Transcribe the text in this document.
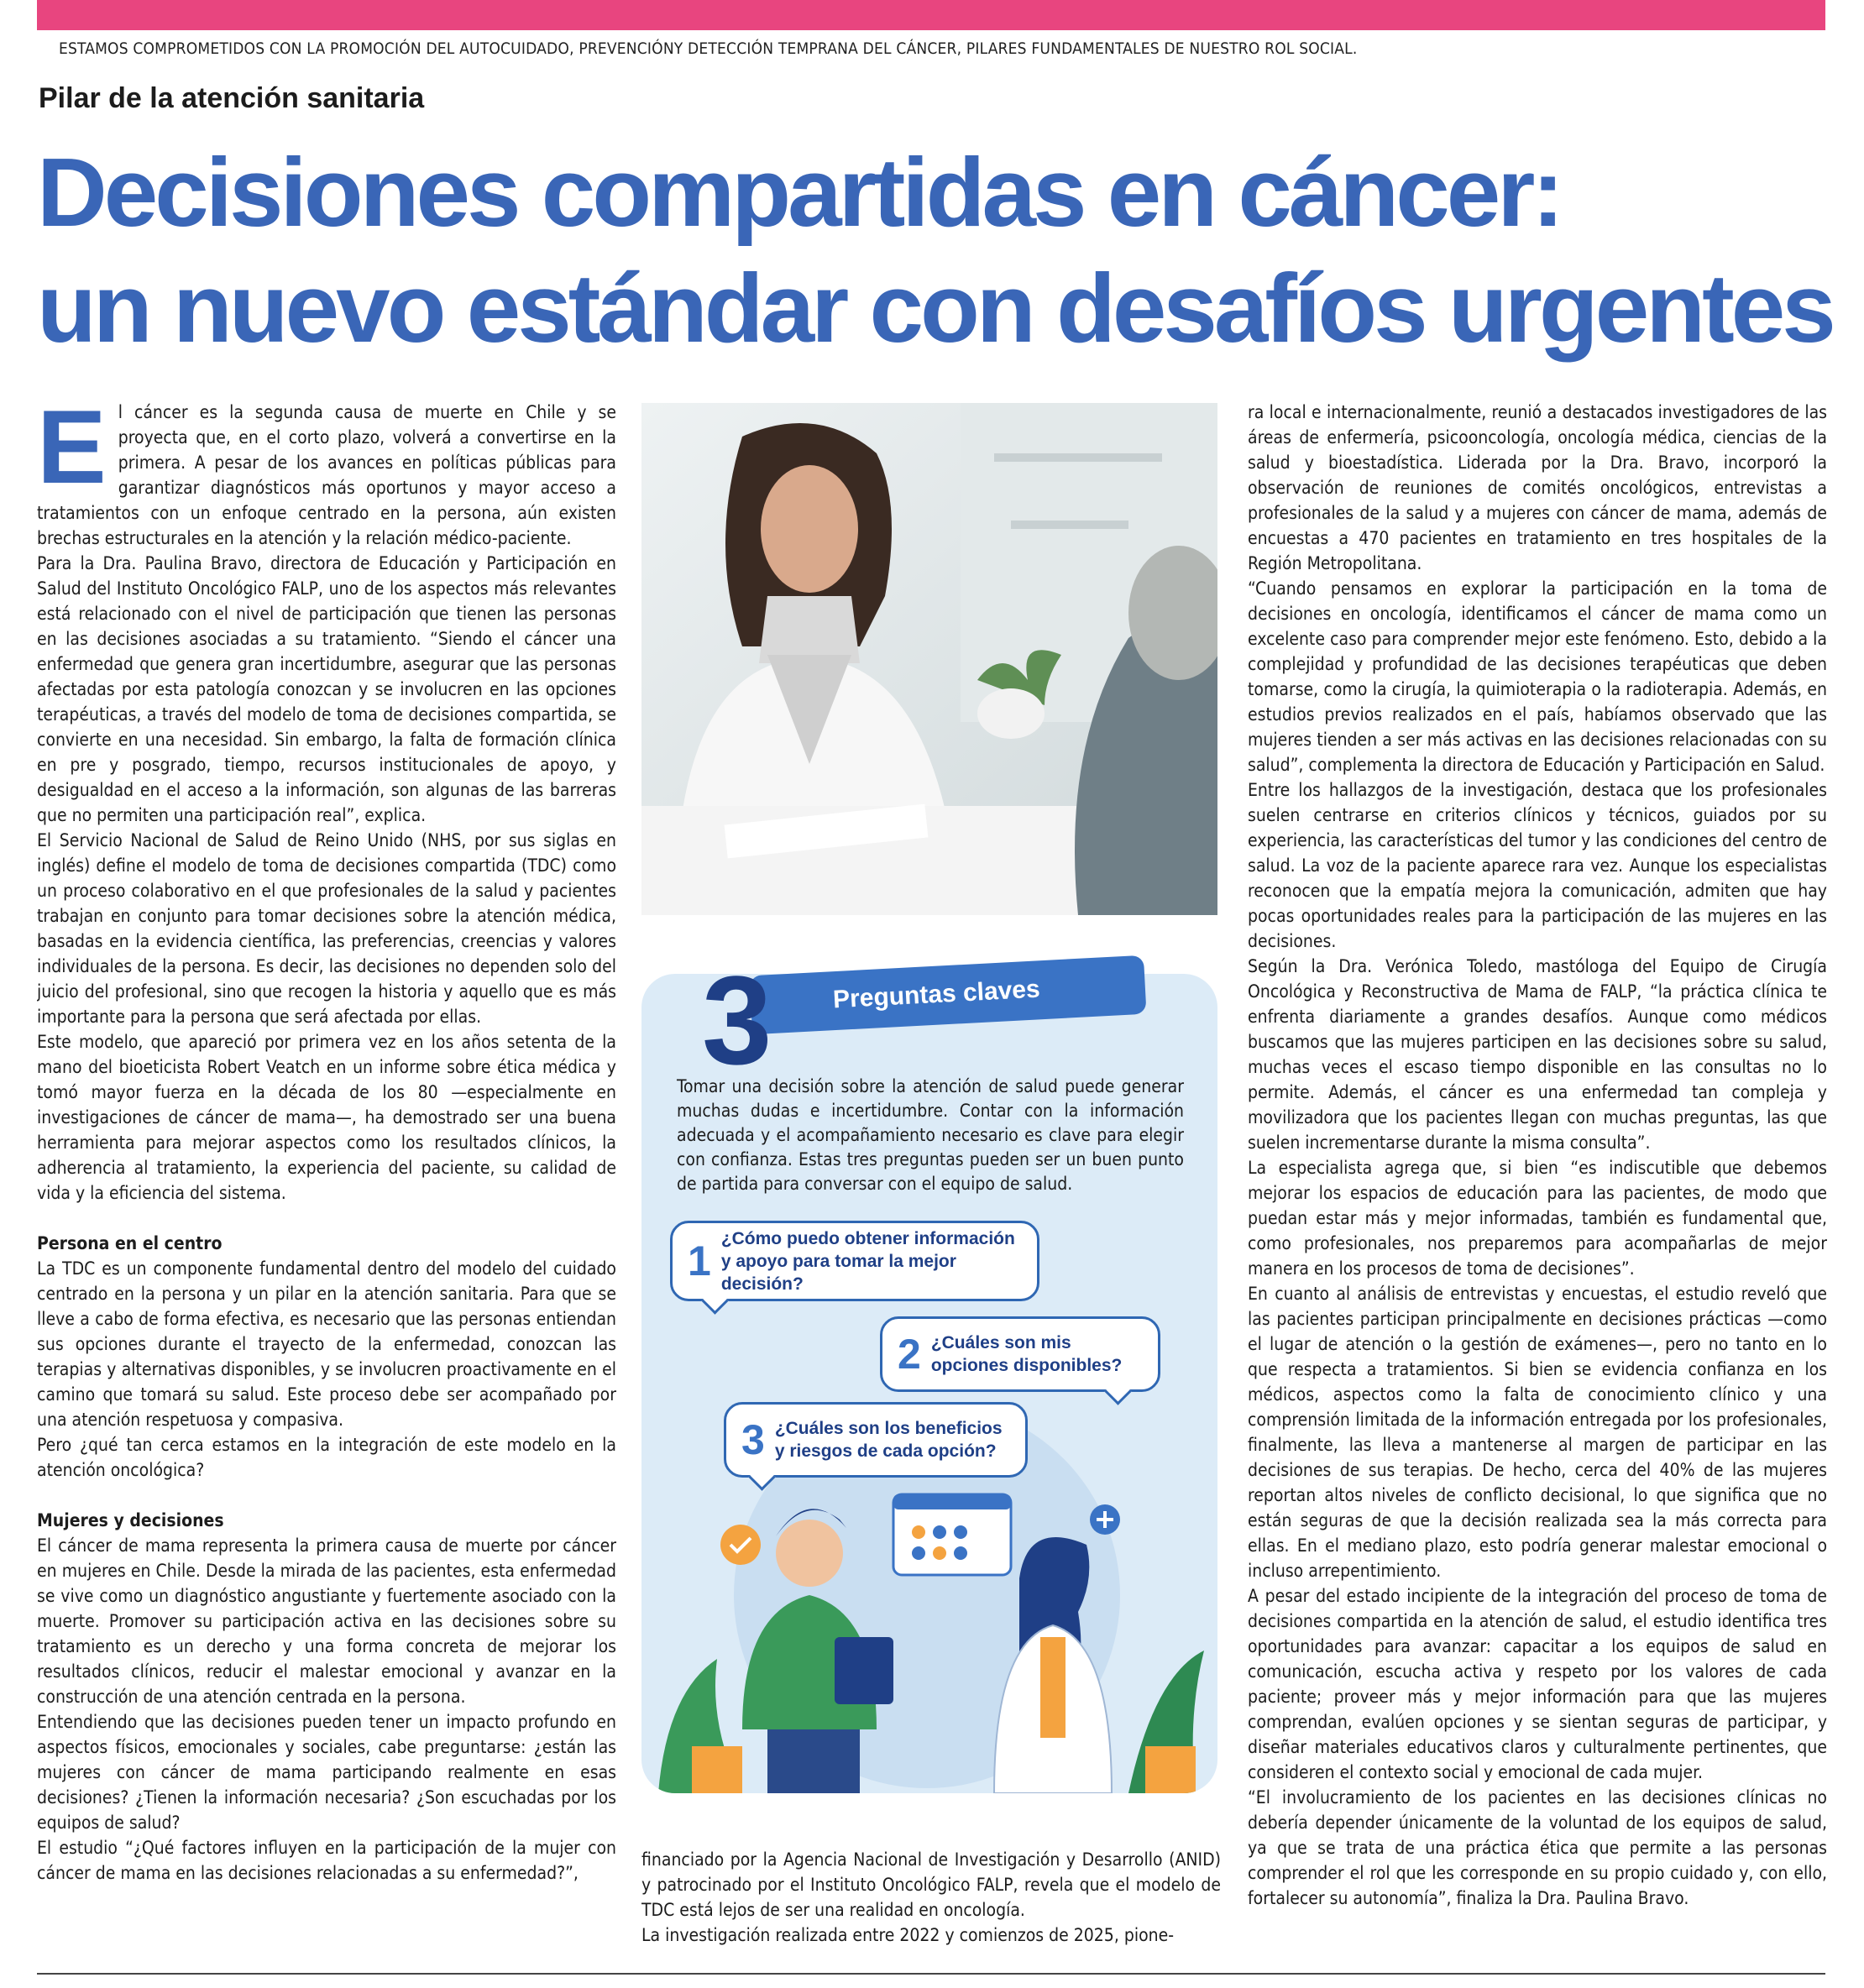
ESTAMOS COMPROMETIDOS CON LA PROMOCIÓN DEL AUTOCUIDADO, PREVENCIÓNY DETECCIÓN TEMPRANA DEL CÁNCER, PILARES FUNDAMENTALES DE NUESTRO ROL SOCIAL.
Pilar de la atención sanitaria
Decisiones compartidas en cáncer:
un nuevo estándar con desafíos urgentes

El cáncer es la segunda causa de muerte en Chile y se proyecta que, en el corto plazo, volverá a convertirse en la primera. A pesar de los avances en políticas públicas para garantizar diagnósticos más oportunos y mayor acceso a tratamientos con un enfoque centrado en la persona, aún existen brechas estructurales en la atención y la relación médico-paciente.

Para la Dra. Paulina Bravo, directora de Educación y Participación en Salud del Instituto Oncológico FALP, uno de los aspectos más relevantes está relacionado con el nivel de participación que tienen las personas en las decisiones asociadas a su tratamiento. “Siendo el cáncer una enfermedad que genera gran incertidumbre, asegurar que las personas afectadas por esta patología conozcan y se involucren en las opciones terapéuticas, a través del modelo de toma de decisiones compartida, se convierte en una necesidad. Sin embargo, la falta de formación clínica en pre y posgrado, tiempo, recursos institucionales de apoyo, y desigualdad en el acceso a la información, son algunas de las barreras que no permiten una participación real”, explica.

El Servicio Nacional de Salud de Reino Unido (NHS, por sus siglas en inglés) define el modelo de toma de decisiones compartida (TDC) como un proceso colaborativo en el que profesionales de la salud y pacientes trabajan en conjunto para tomar decisiones sobre la atención médica, basadas en la evidencia científica, las preferencias, creencias y valores individuales de la persona. Es decir, las decisiones no dependen solo del juicio del profesional, sino que recogen la historia y aquello que es más importante para la persona que será afectada por ellas.

Este modelo, que apareció por primera vez en los años setenta de la mano del bioeticista Robert Veatch en un informe sobre ética médica y tomó mayor fuerza en la década de los 80 —especialmente en investigaciones de cáncer de mama—, ha demostrado ser una buena herramienta para mejorar aspectos como los resultados clínicos, la adherencia al tratamiento, la experiencia del paciente, su calidad de vida y la eficiencia del sistema.

Persona en el centro

La TDC es un componente fundamental dentro del modelo del cuidado centrado en la persona y un pilar en la atención sanitaria. Para que se lleve a cabo de forma efectiva, es necesario que las personas entiendan sus opciones durante el trayecto de la enfermedad, conozcan las terapias y alternativas disponibles, y se involucren proactivamente en el camino que tomará su salud. Este proceso debe ser acompañado por una atención respetuosa y compasiva.

Pero ¿qué tan cerca estamos en la integración de este modelo en la atención oncológica?

Mujeres y decisiones

El cáncer de mama representa la primera causa de muerte por cáncer en mujeres en Chile. Desde la mirada de las pacientes, esta enfermedad se vive como un diagnóstico angustiante y fuertemente asociado con la muerte. Promover su participación activa en las decisiones sobre su tratamiento es un derecho y una forma concreta de mejorar los resultados clínicos, reducir el malestar emocional y avanzar en la construcción de una atención centrada en la persona.

Entendiendo que las decisiones pueden tener un impacto profundo en aspectos físicos, emocionales y sociales, cabe preguntarse: ¿están las mujeres con cáncer de mama participando realmente en esas decisiones? ¿Tienen la información necesaria? ¿Son escuchadas por los equipos de salud?

El estudio “¿Qué factores influyen en la participación de la mujer con cáncer de mama en las decisiones relacionadas a su enfermedad?”,

Preguntas claves
3
Tomar una decisión sobre la atención de salud puede generar muchas dudas e incertidumbre. Contar con la información adecuada y el acompañamiento necesario es clave para elegir con confianza. Estas tres preguntas pueden ser un buen punto de partida para conversar con el equipo de salud.
1 ¿Cómo puedo obtener información y apoyo para tomar la mejor decisión?
2 ¿Cuáles son mis opciones disponibles?
3 ¿Cuáles son los beneficios y riesgos de cada opción?

financiado por la Agencia Nacional de Investigación y Desarrollo (ANID) y patrocinado por el Instituto Oncológico FALP, revela que el modelo de TDC está lejos de ser una realidad en oncología.

La investigación realizada entre 2022 y comienzos de 2025, pione-

ra local e internacionalmente, reunió a destacados investigadores de las áreas de enfermería, psicooncología, oncología médica, ciencias de la salud y bioestadística. Liderada por la Dra. Bravo, incorporó la observación de reuniones de comités oncológicos, entrevistas a profesionales de la salud y a mujeres con cáncer de mama, además de encuestas a 470 pacientes en tratamiento en tres hospitales de la Región Metropolitana.

“Cuando pensamos en explorar la participación en la toma de decisiones en oncología, identificamos el cáncer de mama como un excelente caso para comprender mejor este fenómeno. Esto, debido a la complejidad y profundidad de las decisiones terapéuticas que deben tomarse, como la cirugía, la quimioterapia o la radioterapia. Además, en estudios previos realizados en el país, habíamos observado que las mujeres tienden a ser más activas en las decisiones relacionadas con su salud”, complementa la directora de Educación y Participación en Salud.

Entre los hallazgos de la investigación, destaca que los profesionales suelen centrarse en criterios clínicos y técnicos, guiados por su experiencia, las características del tumor y las condiciones del centro de salud. La voz de la paciente aparece rara vez. Aunque los especialistas reconocen que la empatía mejora la comunicación, admiten que hay pocas oportunidades reales para la participación de las mujeres en las decisiones.

Según la Dra. Verónica Toledo, mastóloga del Equipo de Cirugía Oncológica y Reconstructiva de Mama de FALP, “la práctica clínica te enfrenta diariamente a grandes desafíos. Aunque como médicos buscamos que las mujeres participen en las decisiones sobre su salud, muchas veces el escaso tiempo disponible en las consultas no lo permite. Además, el cáncer es una enfermedad tan compleja y movilizadora que los pacientes llegan con muchas preguntas, las que suelen incrementarse durante la misma consulta”.

La especialista agrega que, si bien “es indiscutible que debemos mejorar los espacios de educación para las pacientes, de modo que puedan estar más y mejor informadas, también es fundamental que, como profesionales, nos preparemos para acompañarlas de mejor manera en los procesos de toma de decisiones”.

En cuanto al análisis de entrevistas y encuestas, el estudio reveló que las pacientes participan principalmente en decisiones prácticas —como el lugar de atención o la gestión de exámenes—, pero no tanto en lo que respecta a tratamientos. Si bien se evidencia confianza en los médicos, aspectos como la falta de conocimiento clínico y una comprensión limitada de la información entregada por los profesionales, finalmente, las lleva a mantenerse al margen de participar en las decisiones de sus terapias. De hecho, cerca del 40% de las mujeres reportan altos niveles de conflicto decisional, lo que significa que no están seguras de que la decisión realizada sea la más correcta para ellas. En el mediano plazo, esto podría generar malestar emocional o incluso arrepentimiento.

A pesar del estado incipiente de la integración del proceso de toma de decisiones compartida en la atención de salud, el estudio identifica tres oportunidades para avanzar: capacitar a los equipos de salud en comunicación, escucha activa y respeto por los valores de cada paciente; proveer más y mejor información para que las mujeres comprendan, evalúen opciones y se sientan seguras de participar, y diseñar materiales educativos claros y culturalmente pertinentes, que consideren el contexto social y emocional de cada mujer.

“El involucramiento de los pacientes en las decisiones clínicas no debería depender únicamente de la voluntad de los equipos de salud, ya que se trata de una práctica ética que permite a las personas comprender el rol que les corresponde en su propio cuidado y, con ello, fortalecer su autonomía”, finaliza la Dra. Paulina Bravo.
